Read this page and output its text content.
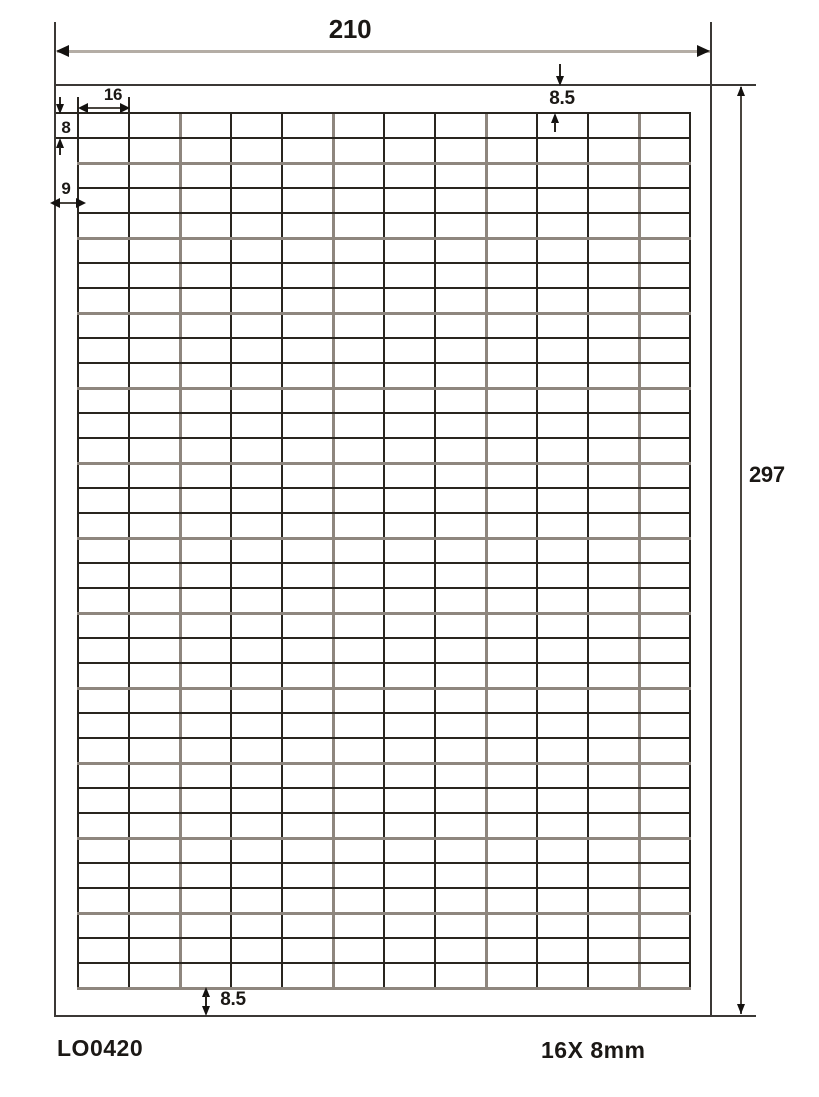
210
297
16
8
9
8.5
8.5
LO0420	16X 8mm
